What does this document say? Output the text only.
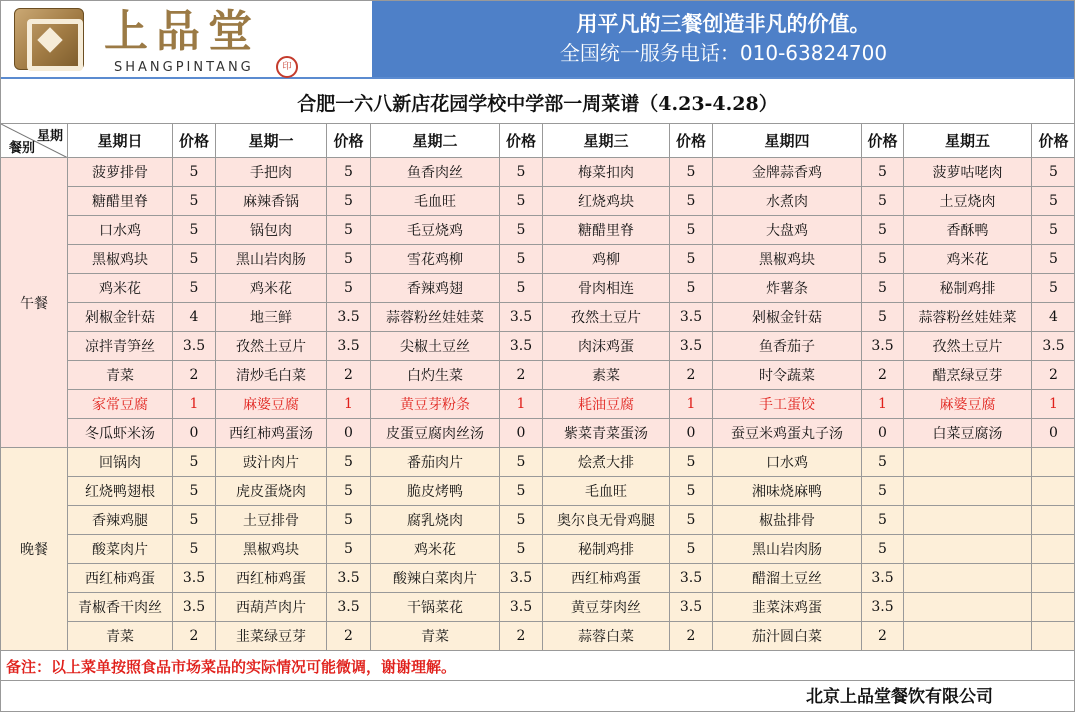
上品堂
SHANGPINTANG	印
用平凡的三餐创造非凡的价值。
全国统一服务电话：010-63824700
合肥一六八新店花园学校中学部一周菜谱（4.23-4.28）
星期
餐别	星期日	价格	星期一	价格	星期二	价格	星期三	价格	星期四	价格	星期五	价格
午餐	菠萝排骨	5	手把肉	5	鱼香肉丝	5	梅菜扣肉	5	金牌蒜香鸡	5	菠萝咕咾肉	5
	糖醋里脊	5	麻辣香锅	5	毛血旺	5	红烧鸡块	5	水煮肉	5	土豆烧肉	5
	口水鸡	5	锅包肉	5	毛豆烧鸡	5	糖醋里脊	5	大盘鸡	5	香酥鸭	5
	黑椒鸡块	5	黑山岩肉肠	5	雪花鸡柳	5	鸡柳	5	黑椒鸡块	5	鸡米花	5
	鸡米花	5	鸡米花	5	香辣鸡翅	5	骨肉相连	5	炸薯条	5	秘制鸡排	5
	剁椒金针菇	4	地三鲜	3.5	蒜蓉粉丝娃娃菜	3.5	孜然土豆片	3.5	剁椒金针菇	5	蒜蓉粉丝娃娃菜	4
	凉拌青笋丝	3.5	孜然土豆片	3.5	尖椒土豆丝	3.5	肉沫鸡蛋	3.5	鱼香茄子	3.5	孜然土豆片	3.5
	青菜	2	清炒毛白菜	2	白灼生菜	2	素菜	2	时令蔬菜	2	醋烹绿豆芽	2
	家常豆腐	1	麻婆豆腐	1	黄豆芽粉条	1	耗油豆腐	1	手工蛋饺	1	麻婆豆腐	1
	冬瓜虾米汤	0	西红柿鸡蛋汤	0	皮蛋豆腐肉丝汤	0	紫菜青菜蛋汤	0	蚕豆米鸡蛋丸子汤	0	白菜豆腐汤	0
晚餐	回锅肉	5	豉汁肉片	5	番茄肉片	5	烩煮大排	5	口水鸡	5		
	红烧鸭翅根	5	虎皮蛋烧肉	5	脆皮烤鸭	5	毛血旺	5	湘味烧麻鸭	5		
	香辣鸡腿	5	土豆排骨	5	腐乳烧肉	5	奥尔良无骨鸡腿	5	椒盐排骨	5		
	酸菜肉片	5	黑椒鸡块	5	鸡米花	5	秘制鸡排	5	黑山岩肉肠	5		
	西红柿鸡蛋	3.5	西红柿鸡蛋	3.5	酸辣白菜肉片	3.5	西红柿鸡蛋	3.5	醋溜土豆丝	3.5		
	青椒香干肉丝	3.5	西葫芦肉片	3.5	干锅菜花	3.5	黄豆芽肉丝	3.5	韭菜沫鸡蛋	3.5		
	青菜	2	韭菜绿豆芽	2	青菜	2	蒜蓉白菜	2	茄汁圆白菜	2		
备注：以上菜单按照食品市场菜品的实际情况可能微调，谢谢理解。
北京上品堂餐饮有限公司
